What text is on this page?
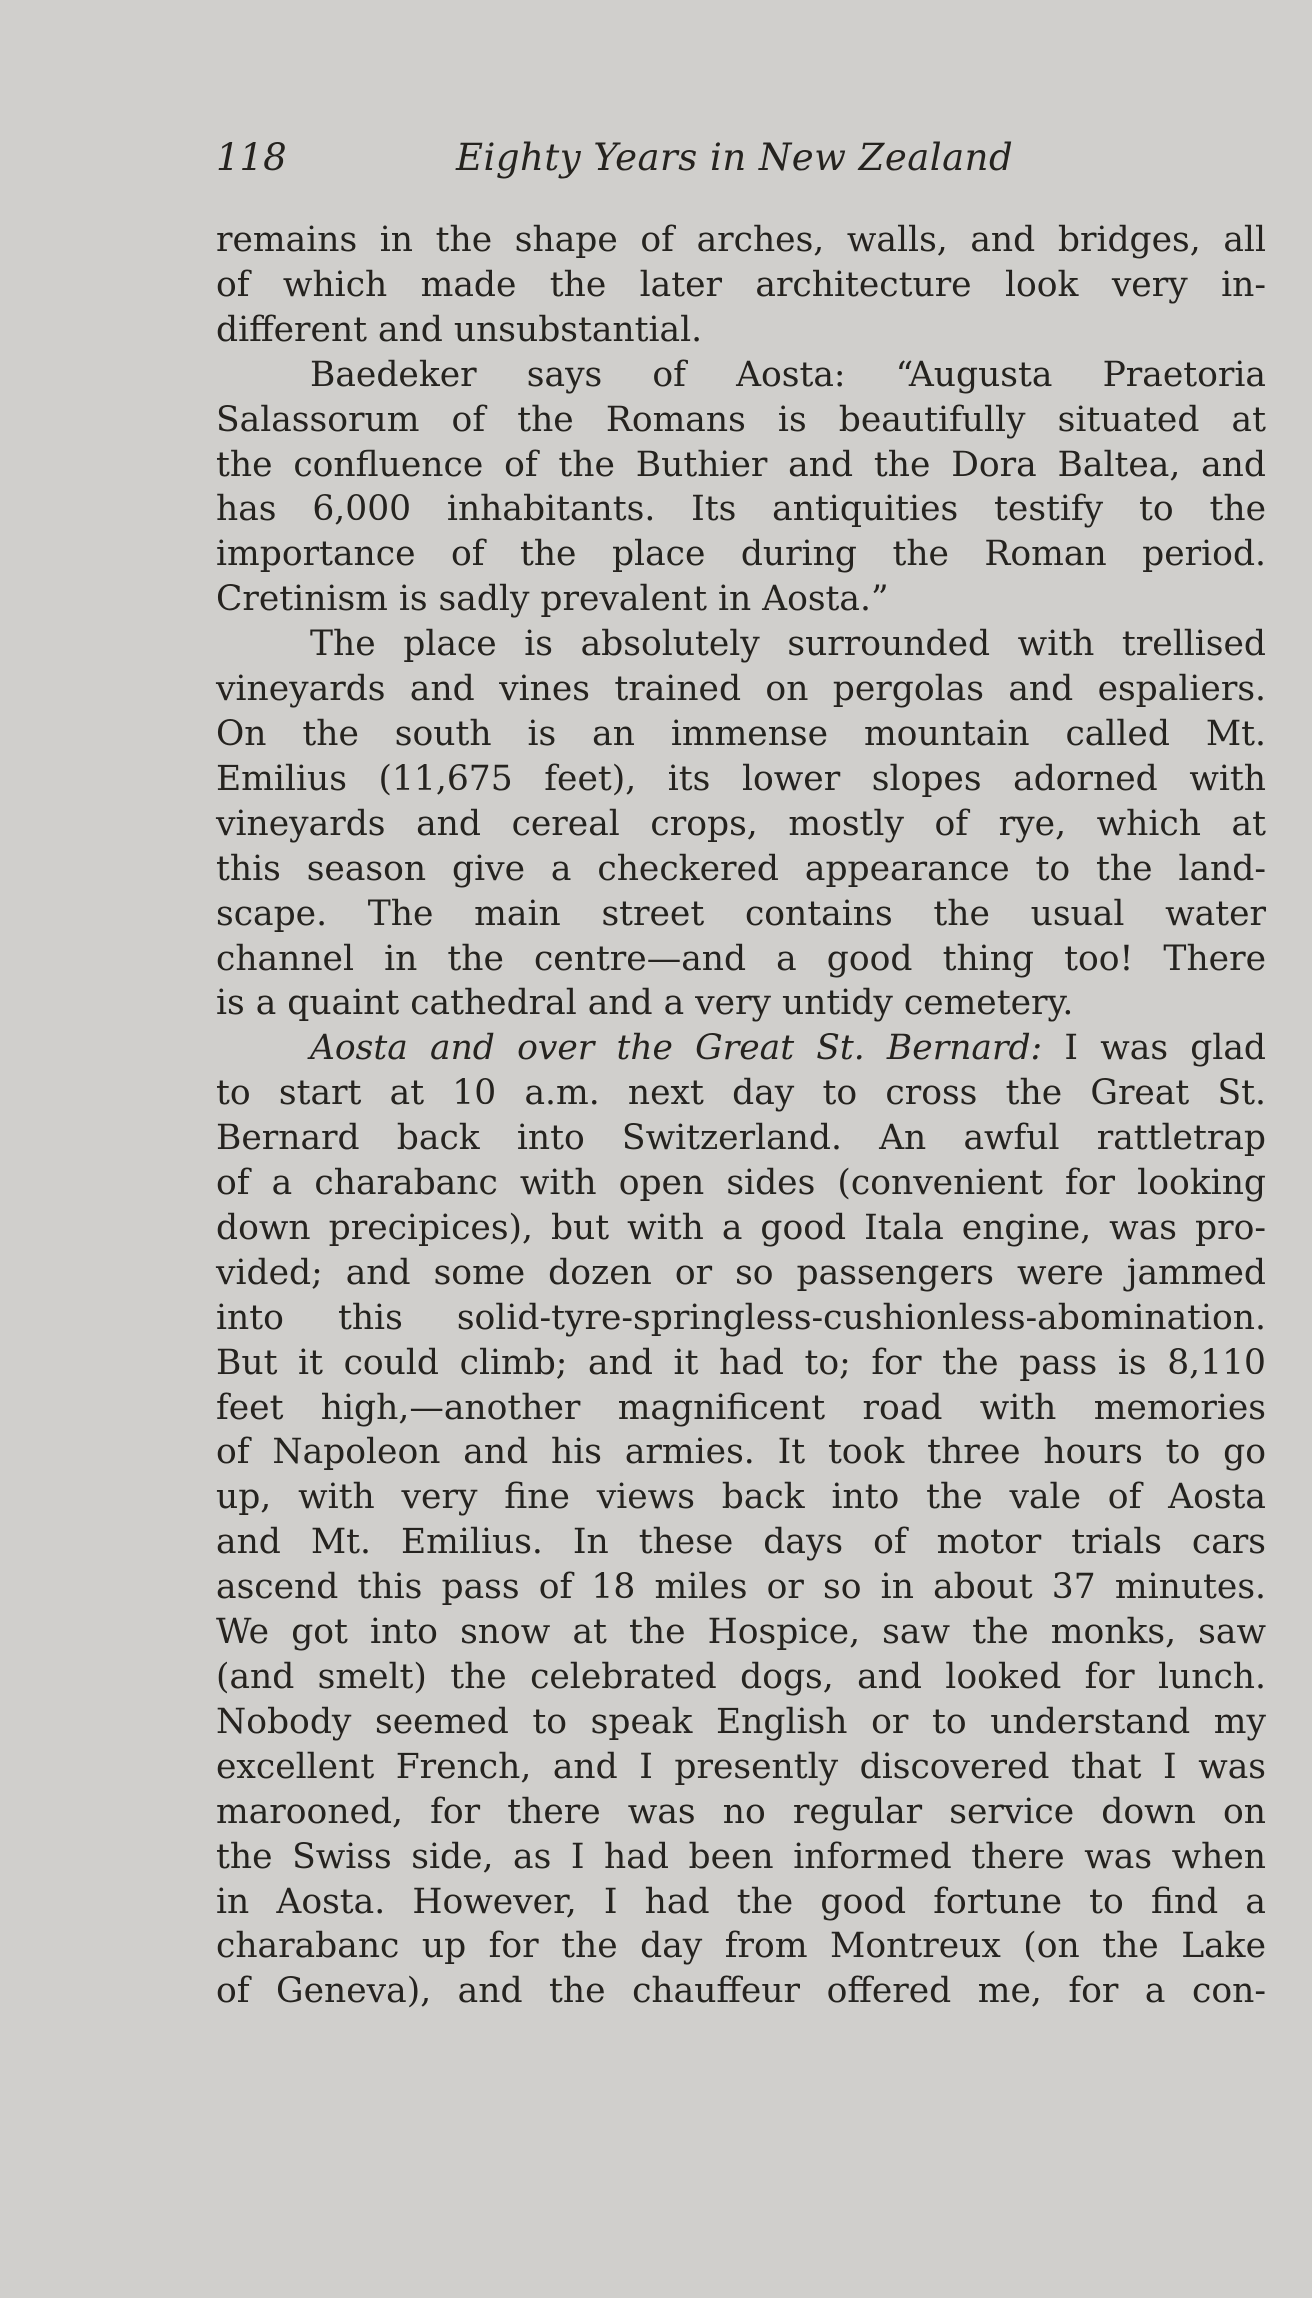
118	Eighty Years in New Zealand

remains in the shape of arches, walls, and bridges, all
of which made the later architecture look very in-
different and unsubstantial.

Baedeker says of Aosta: “Augusta Praetoria
Salassorum of the Romans is beautifully situated at
the confluence of the Buthier and the Dora Baltea, and
has 6,000 inhabitants. Its antiquities testify to the
importance of the place during the Roman period.
Cretinism is sadly prevalent in Aosta.”

The place is absolutely surrounded with trellised
vineyards and vines trained on pergolas and espaliers.
On the south is an immense mountain called Mt.
Emilius (11,675 feet), its lower slopes adorned with
vineyards and cereal crops, mostly of rye, which at
this season give a checkered appearance to the land-
scape. The main street contains the usual water
channel in the centre—and a good thing too! There
is a quaint cathedral and a very untidy cemetery.

Aosta and over the Great St. Bernard: I was glad
to start at 10 a.m. next day to cross the Great St.
Bernard back into Switzerland. An awful rattletrap
of a charabanc with open sides (convenient for looking
down precipices), but with a good Itala engine, was pro-
vided; and some dozen or so passengers were jammed
into this solid-tyre-springless-cushionless-abomination.
But it could climb; and it had to; for the pass is 8,110
feet high,—another magnificent road with memories
of Napoleon and his armies. It took three hours to go
up, with very fine views back into the vale of Aosta
and Mt. Emilius. In these days of motor trials cars
ascend this pass of 18 miles or so in about 37 minutes.
We got into snow at the Hospice, saw the monks, saw
(and smelt) the celebrated dogs, and looked for lunch.
Nobody seemed to speak English or to understand my
excellent French, and I presently discovered that I was
marooned, for there was no regular service down on
the Swiss side, as I had been informed there was when
in Aosta. However, I had the good fortune to find a
charabanc up for the day from Montreux (on the Lake
of Geneva), and the chauffeur offered me, for a con-
